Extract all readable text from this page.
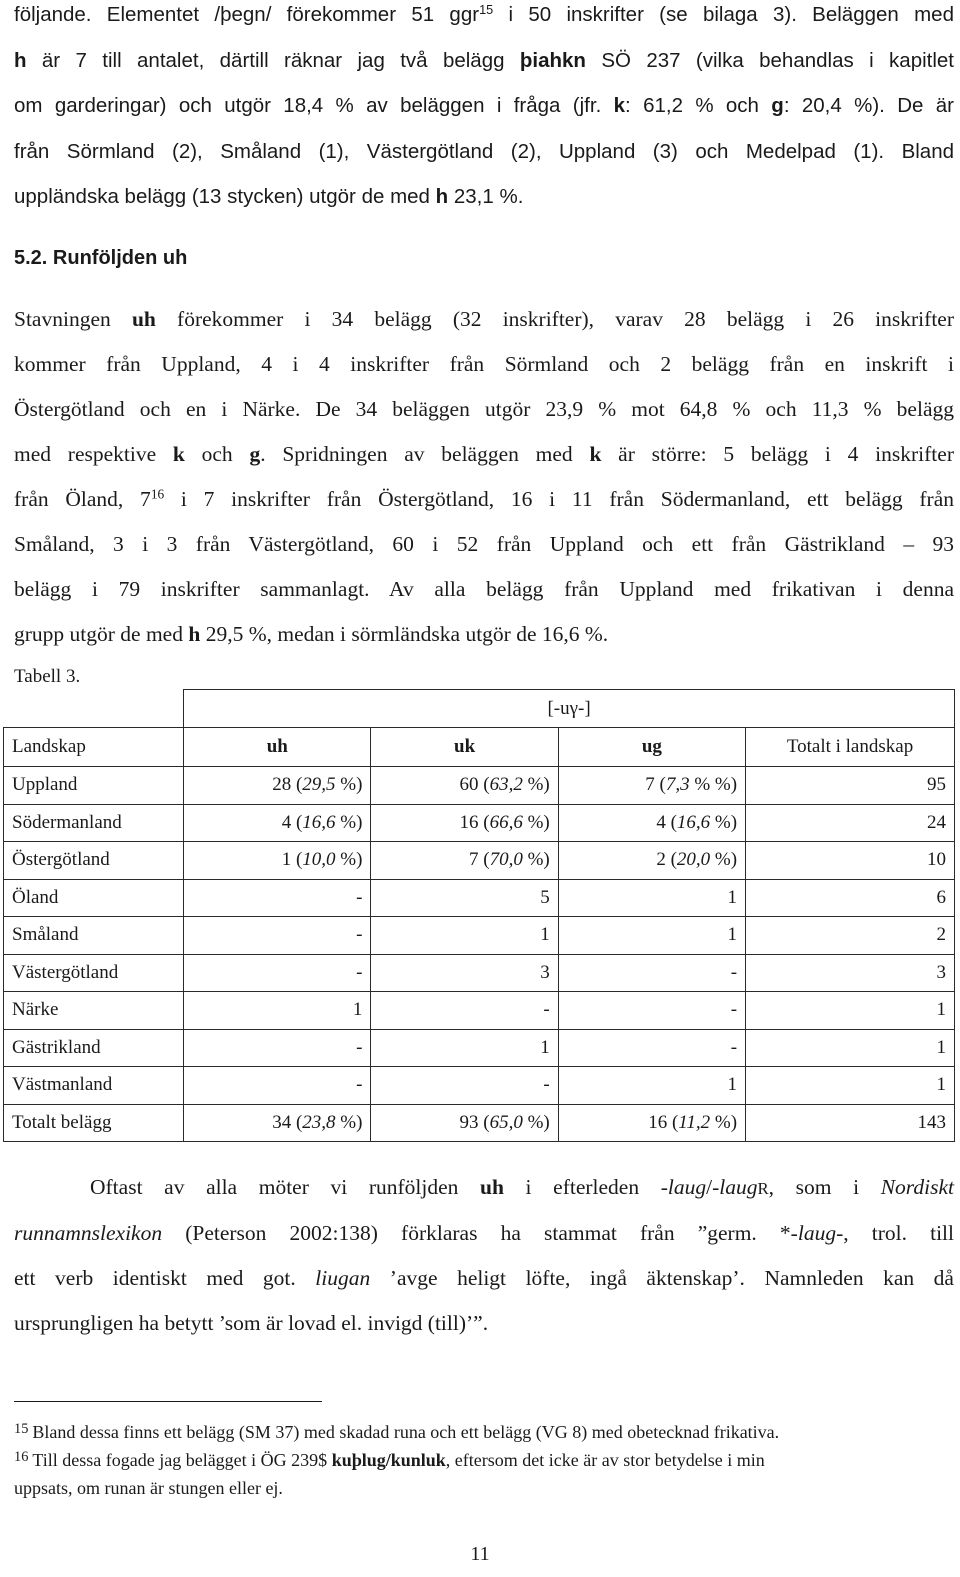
följande. Elementet /þegn/ förekommer 51 ggr$^{15}$ i 50 inskrifter (se bilaga 3). Beläggen med
h är 7 till antalet, därtill räknar jag två belägg þiahkn SÖ 237 (vilka behandlas i kapitlet
om garderingar) och utgör 18,4 % av beläggen i fråga (jfr. k: 61,2 % och g: 20,4 %). De är
från Sörmland (2), Småland (1), Västergötland (2), Uppland (3) och Medelpad (1). Bland
uppländska belägg (13 stycken) utgör de med h 23,1 %.
5.2. Runföljden uh
Stavningen uh förekommer i 34 belägg (32 inskrifter), varav 28 belägg i 26 inskrifter
kommer från Uppland, 4 i 4 inskrifter från Sörmland och 2 belägg från en inskrift i
Östergötland och en i Närke. De 34 beläggen utgör 23,9 % mot 64,8 % och 11,3 % belägg
med respektive k och g. Spridningen av beläggen med k är större: 5 belägg i 4 inskrifter
från Öland, $7^{16}$ i 7 inskrifter från Östergötland, 16 i 11 från Södermanland, ett belägg från
Småland, 3 i 3 från Västergötland, 60 i 52 från Uppland och ett från Gästrikland – 93
belägg i 79 inskrifter sammanlagt. Av alla belägg från Uppland med frikativan i denna
grupp utgör de med h 29,5 %, medan i sörmländska utgör de 16,6 %.
Tabell 3.
	[-uγ-]			
Landskap	uh	uk	ug	Totalt i landskap
Uppland	28 (29,5 %)	60 (63,2 %)	7 (7,3 % %)	95
Södermanland	4 (16,6 %)	16 (66,6 %)	4 (16,6 %)	24
Östergötland	1 (10,0 %)	7 (70,0 %)	2 (20,0 %)	10
Öland	-	5	1	6
Småland	-	1	1	2
Västergötland	-	3	-	3
Närke	1	-	-	1
Gästrikland	-	1	-	1
Västmanland	-	-	1	1
Totalt belägg	34 (23,8 %)	93 (65,0 %)	16 (11,2 %)	143
Oftast av alla möter vi runföljden uh i efterleden -laug/-laugR, som i Nordiskt
runnamnslexikon (Peterson 2002:138) förklaras ha stammat från ”germ. *-laug-, trol. till
ett verb identiskt med got. liugan ’avge heligt löfte, ingå äktenskap’. Namnleden kan då
ursprungligen ha betytt ’som är lovad el. invigd (till)’”.
$^{15}$ Bland dessa finns ett belägg (SM 37) med skadad runa och ett belägg (VG 8) med obetecknad frikativa.
$^{16}$ Till dessa fogade jag belägget i ÖG 239$ kuþlug/kunluk, eftersom det icke är av stor betydelse i min
uppsats, om runan är stungen eller ej.
11
